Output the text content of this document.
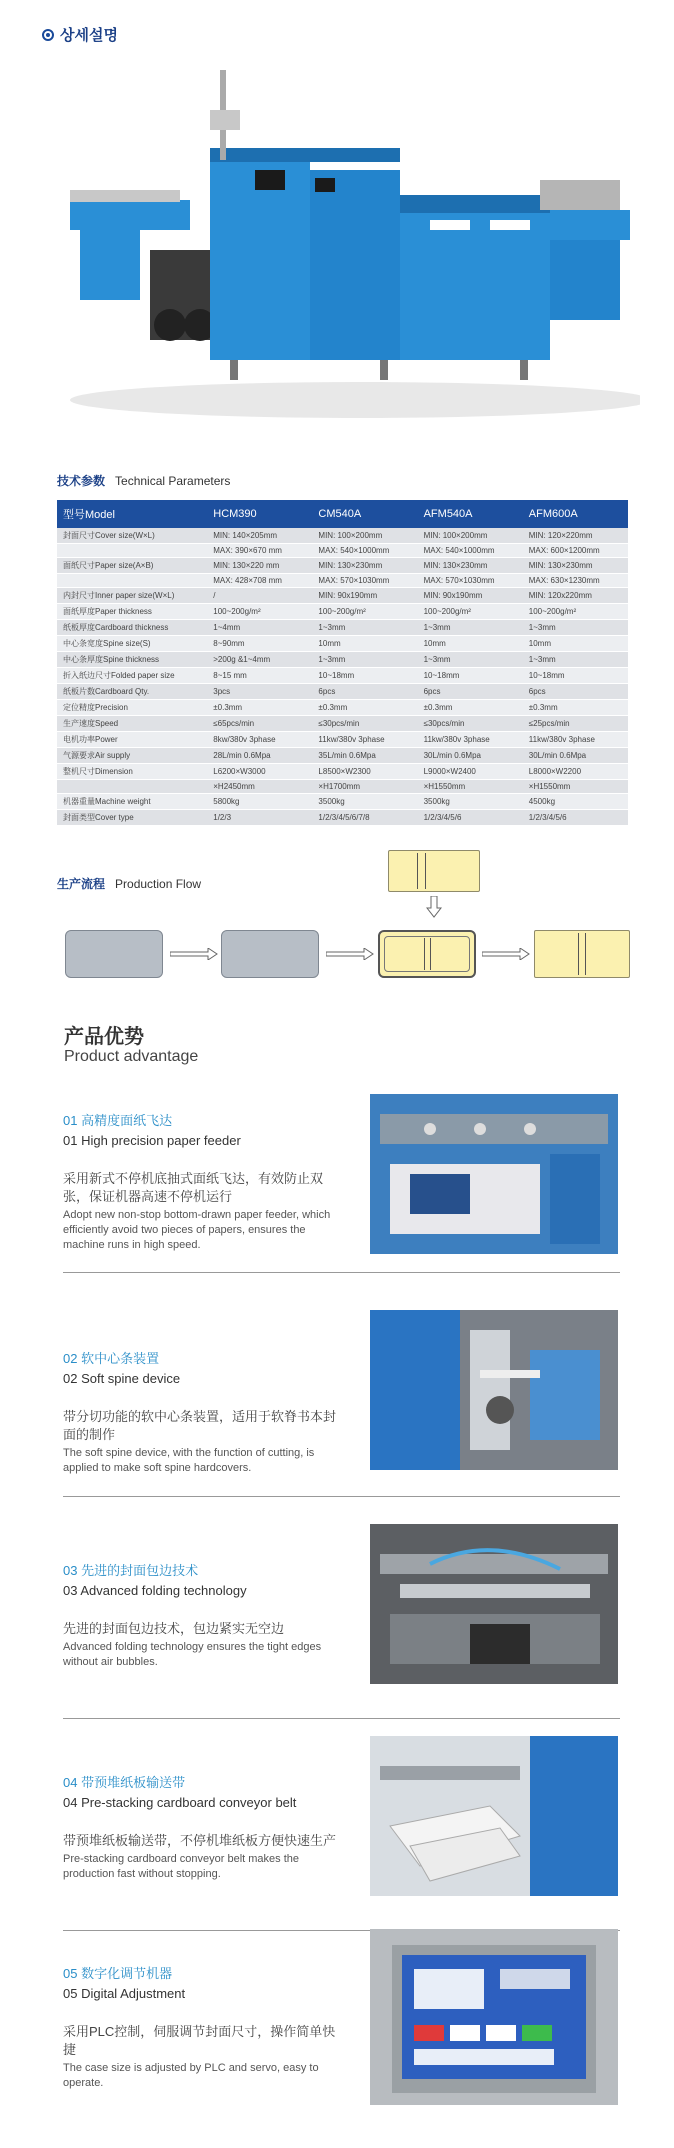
상세설명
技术参数 Technical Parameters
型号Model	HCM390	CM540A	AFM540A	AFM600A
封面尺寸Cover size(W×L)	MIN: 140×205mm	MIN: 100×200mm	MIN: 100×200mm	MIN: 120×220mm
	MAX: 390×670 mm	MAX: 540×1000mm	MAX: 540×1000mm	MAX: 600×1200mm
面纸尺寸Paper size(A×B)	MIN: 130×220 mm	MIN: 130×230mm	MIN: 130×230mm	MIN: 130×230mm
	MAX: 428×708 mm	MAX: 570×1030mm	MAX: 570×1030mm	MAX: 630×1230mm
内封尺寸Inner paper size(W×L)	/	MIN: 90x190mm	MIN: 90x190mm	MIN: 120x220mm
面纸厚度Paper thickness	100~200g/m²	100~200g/m²	100~200g/m²	100~200g/m²
纸板厚度Cardboard thickness	1~4mm	1~3mm	1~3mm	1~3mm
中心条宽度Spine size(S)	8~90mm	10mm	10mm	10mm
中心条厚度Spine thickness	>200g &1~4mm	1~3mm	1~3mm	1~3mm
折入纸边尺寸Folded paper size	8~15 mm	10~18mm	10~18mm	10~18mm
纸板片数Cardboard Qty.	3pcs	6pcs	6pcs	6pcs
定位精度Precision	±0.3mm	±0.3mm	±0.3mm	±0.3mm
生产速度Speed	≤65pcs/min	≤30pcs/min	≤30pcs/min	≤25pcs/min
电机功率Power	8kw/380v 3phase	11kw/380v 3phase	11kw/380v 3phase	11kw/380v 3phase
气源要求Air supply	28L/min 0.6Mpa	35L/min 0.6Mpa	30L/min 0.6Mpa	30L/min 0.6Mpa
整机尺寸Dimension	L6200×W3000	L8500×W2300	L9000×W2400	L8000×W2200
	×H2450mm	×H1700mm	×H1550mm	×H1550mm
机器重量Machine weight	5800kg	3500kg	3500kg	4500kg
封面类型Cover type	1/2/3	1/2/3/4/5/6/7/8	1/2/3/4/5/6	1/2/3/4/5/6
生产流程 Production Flow
产品优势
Product advantage
01 高精度面纸飞达
01 High precision paper feeder
采用新式不停机底抽式面纸飞达，有效防止双张，保证机器高速不停机运行
Adopt new non-stop bottom-drawn paper feeder, which efficiently avoid two pieces of papers, ensures the machine runs in high speed.
02 软中心条装置
02 Soft spine device
带分切功能的软中心条装置，适用于软脊书本封面的制作
The soft spine device, with the function of cutting, is applied to make soft spine hardcovers.
03 先进的封面包边技术
03 Advanced folding technology
先进的封面包边技术，包边紧实无空边
Advanced folding technology ensures the tight edges without air bubbles.
04 带预堆纸板输送带
04 Pre-stacking cardboard conveyor belt
带预堆纸板输送带，不停机堆纸板方便快速生产
Pre-stacking cardboard conveyor belt makes the production fast without stopping.
05 数字化调节机器
05 Digital Adjustment
采用PLC控制，伺服调节封面尺寸，操作简单快捷
The case size is adjusted by PLC and servo, easy to operate.
